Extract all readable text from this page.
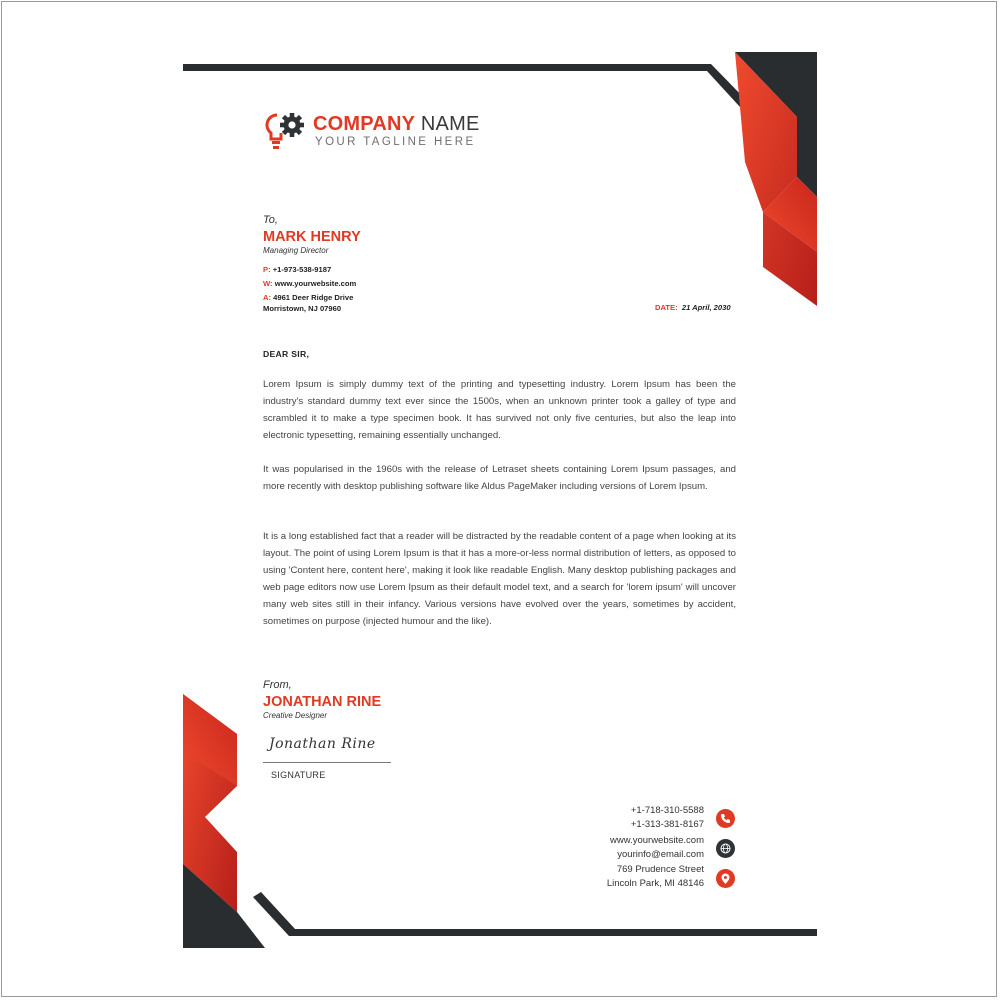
COMPANY NAME
YOUR TAGLINE HERE
To,
MARK HENRY
Managing Director
P: +1-973-538-9187
W: www.yourwebsite.com
A: 4961 Deer Ridge Drive
Morristown, NJ 07960	DATE: 21 April, 2030
DEAR SIR,

Lorem Ipsum is simply dummy text of the printing and typesetting industry. Lorem Ipsum has been the industry's standard dummy text ever since the 1500s, when an unknown printer took a galley of type and scrambled it to make a type specimen book. It has survived not only five centuries, but also the leap into electronic typesetting, remaining essentially unchanged.

It was popularised in the 1960s with the release of Letraset sheets containing Lorem Ipsum passages, and more recently with desktop publishing software like Aldus PageMaker including versions of Lorem Ipsum.

It is a long established fact that a reader will be distracted by the readable content of a page when looking at its layout. The point of using Lorem Ipsum is that it has a more-or-less normal distribution of letters, as opposed to using 'Content here, content here', making it look like readable English. Many desktop publishing packages and web page editors now use Lorem Ipsum as their default model text, and a search for 'lorem ipsum' will uncover many web sites still in their infancy. Various versions have evolved over the years, sometimes by accident, sometimes on purpose (injected humour and the like).

From,
JONATHAN RINE
Creative Designer
Jonathan Rine
SIGNATURE
+1-718-310-5588
+1-313-381-8167
www.yourwebsite.com
yourinfo@email.com
769 Prudence Street
Lincoln Park, MI 48146
